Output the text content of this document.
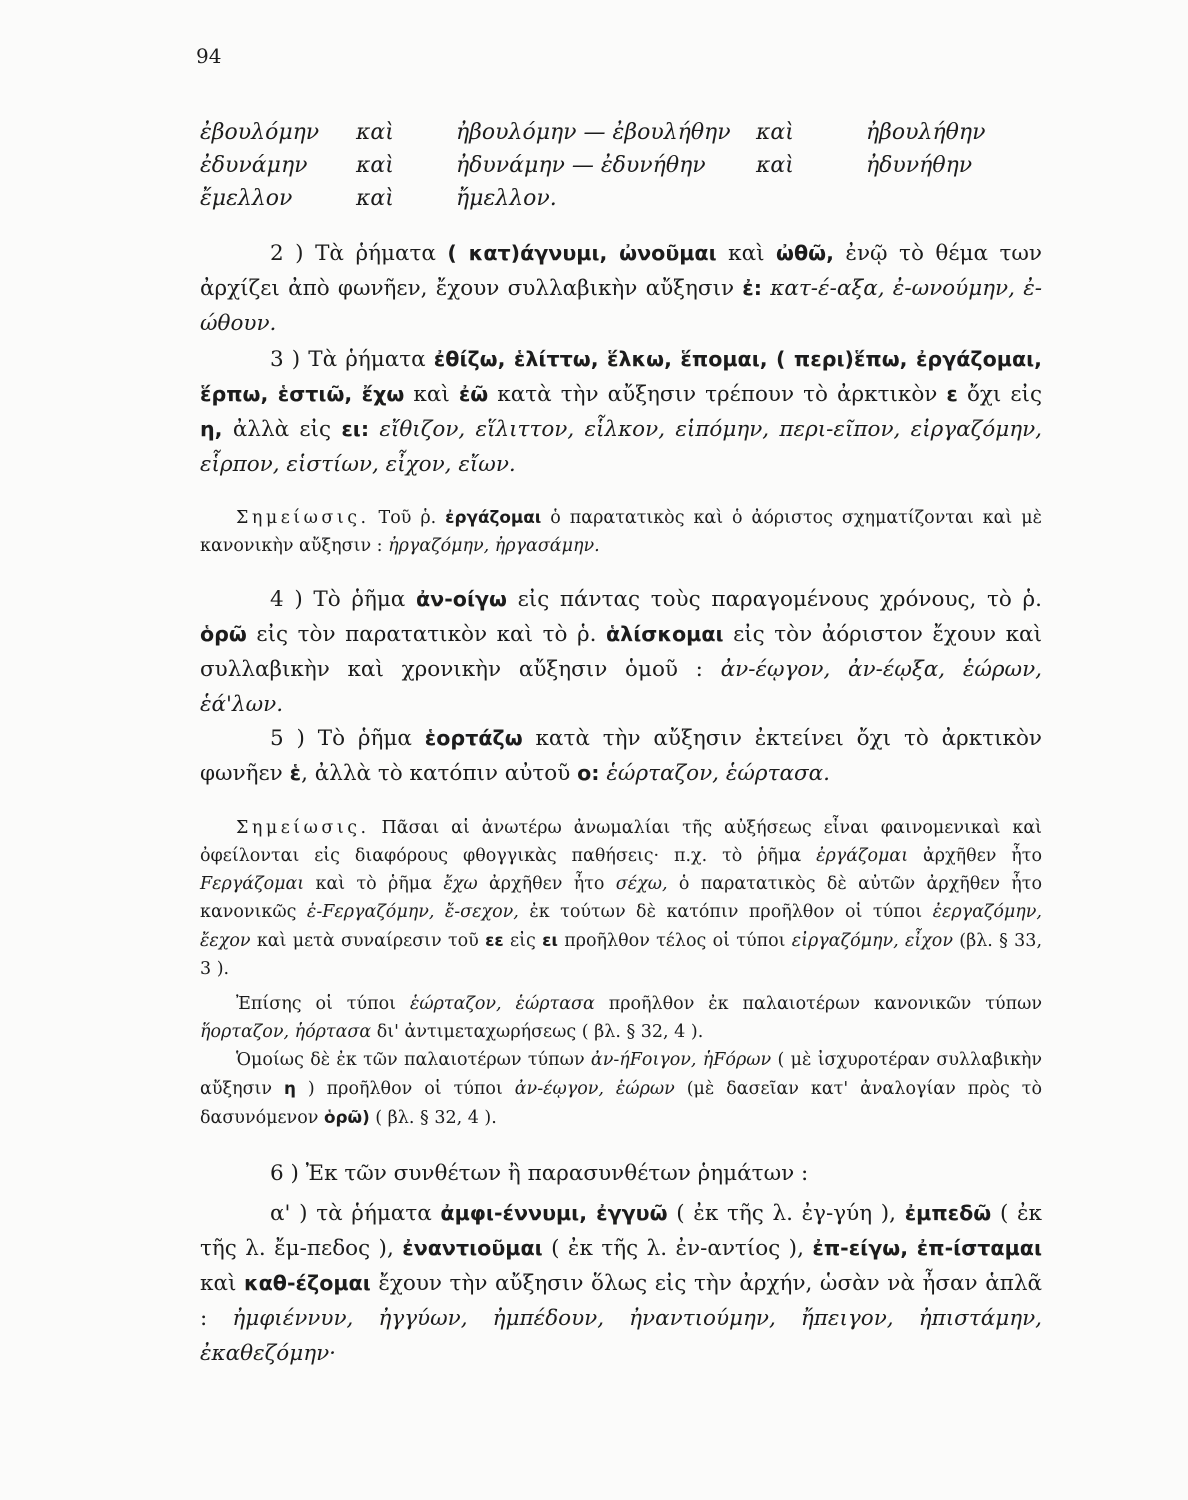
94
ἐβουλόμην	καὶ	ἠβουλόμην — ἐβουλήθην	καὶ	ἠβουλήθην
ἐδυνάμην	καὶ	ἠδυνάμην — ἐδυνήθην	καὶ	ἠδυνήθην
ἔμελλον	καὶ	ἤμελλον.		

2 ) Τὰ ῥήματα ( κατ)άγνυμι, ὠνοῦμαι καὶ ὠθῶ, ἐνῷ τὸ θέμα των ἀρχίζει ἀπὸ φωνῆεν, ἔχουν συλλαβικὴν αὔξησιν ἐ: κατ-έ-αξα, ἐ-ωνούμην, ἐ-ώθουν.

3 ) Τὰ ῥήματα ἐθίζω, ἑλίττω, ἕλκω, ἕπομαι, ( περι)ἕπω, ἐργάζομαι, ἕρπω, ἑστιῶ, ἔχω καὶ ἐῶ κατὰ τὴν αὔξησιν τρέπουν τὸ ἀρκτικὸν ε ὄχι εἰς η, ἀλλὰ εἰς ει: εἴθιζον, εἵλιττον, εἷλκον, εἱπόμην, περι-εῖπον, εἰργαζόμην, εἷρπον, εἱστίων, εἶχον, εἴων.

Σημείωσις. Τοῦ ῥ. ἐργάζομαι ὁ παρατατικὸς καὶ ὁ ἀόριστος σχηματίζονται καὶ μὲ κανονικὴν αὔξησιν : ἠργαζόμην, ἠργασάμην.

4 ) Τὸ ῥῆμα ἀν-οίγω εἰς πάντας τοὺς παραγομένους χρόνους, τὸ ῥ. ὁρῶ εἰς τὸν παρατατικὸν καὶ τὸ ῥ. ἁλίσκομαι εἰς τὸν ἀόριστον ἔχουν καὶ συλλαβικὴν καὶ χρονικὴν αὔξησιν ὁμοῦ : ἀν-έῳγον, ἀν-έῳξα, ἑώρων, ἑά'λων.

5 ) Τὸ ῥῆμα ἑορτάζω κατὰ τὴν αὔξησιν ἐκτείνει ὄχι τὸ ἀρκτικὸν φωνῆεν ἑ, ἀλλὰ τὸ κατόπιν αὐτοῦ ο: ἑώρταζον, ἑώρτασα.

Σημείωσις. Πᾶσαι αἱ ἀνωτέρω ἀνωμαλίαι τῆς αὐξήσεως εἶναι φαινομενικαὶ καὶ ὀφείλονται εἰς διαφόρους φθογγικὰς παθήσεις· π.χ. τὸ ῥῆμα ἐργάζομαι ἀρχῆθεν ἦτο Fεργάζομαι καὶ τὸ ῥῆμα ἔχω ἀρχῆθεν ἦτο σέχω, ὁ παρατατικὸς δὲ αὐτῶν ἀρχῆθεν ἦτο κανονικῶς ἐ-Fεργαζόμην, ἔ-σεχον, ἐκ τούτων δὲ κατόπιν προῆλθον οἱ τύποι ἐεργαζόμην, ἔεχον καὶ μετὰ συναίρεσιν τοῦ εε εἰς ει προῆλθον τέλος οἱ τύποι εἰργαζόμην, εἶχον (βλ. § 33, 3 ).

Ἐπίσης οἱ τύποι ἑώρταζον, ἑώρτασα προῆλθον ἐκ παλαιοτέρων κανονικῶν τύπων ἥορταζον, ἡόρτασα δι' ἀντιμεταχωρήσεως ( βλ. § 32, 4 ).

Ὁμοίως δὲ ἐκ τῶν παλαιοτέρων τύπων ἀν-ήFοιγον, ἡFόρων ( μὲ ἰσχυροτέραν συλλαβικὴν αὔξησιν η ) προῆλθον οἱ τύποι ἀν-έῳγον, ἑώρων (μὲ δασεῖαν κατ' ἀναλογίαν πρὸς τὸ δασυνόμενον ὁρῶ) ( βλ. § 32, 4 ).

6 ) Ἐκ τῶν συνθέτων ἢ παρασυνθέτων ῥημάτων :

α' ) τὰ ῥήματα ἀμφι-έννυμι, ἐγγυῶ ( ἐκ τῆς λ. ἐγ-γύη ), ἐμπεδῶ ( ἐκ τῆς λ. ἔμ-πεδος ), ἐναντιοῦμαι ( ἐκ τῆς λ. ἐν-αντίος ), ἐπ-είγω, ἐπ-ίσταμαι καὶ καθ-έζομαι ἔχουν τὴν αὔξησιν ὅλως εἰς τὴν ἀρχήν, ὡσὰν νὰ ἦσαν ἁπλᾶ : ἠμφιέννυν, ἠγγύων, ἠμπέδουν, ἠναντιούμην, ἤπειγον, ἠπιστάμην, ἐκαθεζόμην·
